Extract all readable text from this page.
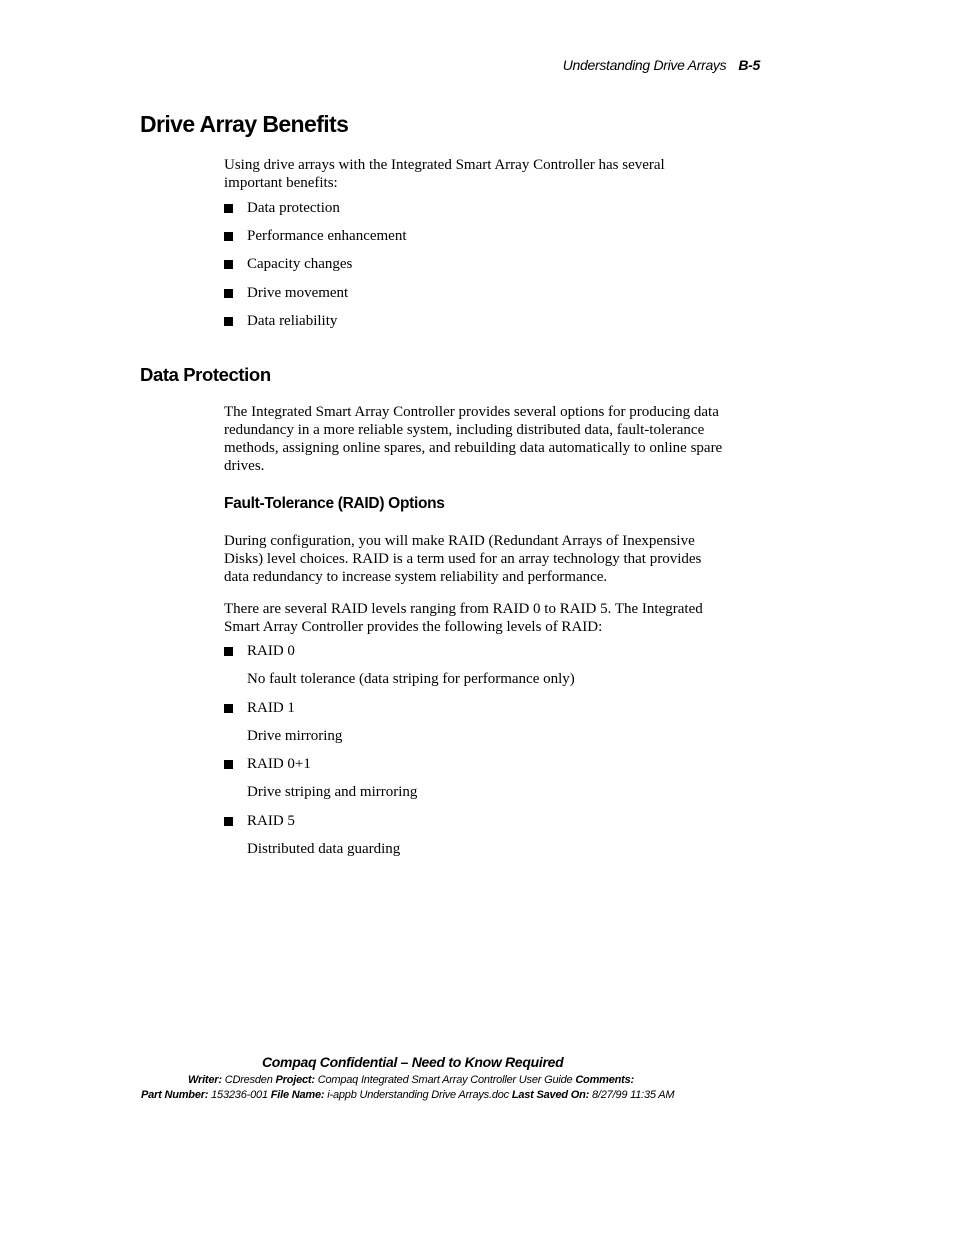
Understanding Drive Arrays B-5
Drive Array Benefits

Using drive arrays with the Integrated Smart Array Controller has several important benefits:

Data protection
Performance enhancement
Capacity changes
Drive movement
Data reliability
Data Protection

The Integrated Smart Array Controller provides several options for producing data redundancy in a more reliable system, including distributed data, fault-tolerance methods, assigning online spares, and rebuilding data automatically to online spare drives.

Fault-Tolerance (RAID) Options

During configuration, you will make RAID (Redundant Arrays of Inexpensive Disks) level choices. RAID is a term used for an array technology that provides data redundancy to increase system reliability and performance.

There are several RAID levels ranging from RAID 0 to RAID 5. The Integrated Smart Array Controller provides the following levels of RAID:

RAID 0
No fault tolerance (data striping for performance only)
RAID 1
Drive mirroring
RAID 0+1
Drive striping and mirroring
RAID 5
Distributed data guarding
Compaq Confidential – Need to Know Required
Writer: CDresden Project: Compaq Integrated Smart Array Controller User Guide Comments:
Part Number: 153236-001 File Name: i-appb Understanding Drive Arrays.doc Last Saved On: 8/27/99 11:35 AM
